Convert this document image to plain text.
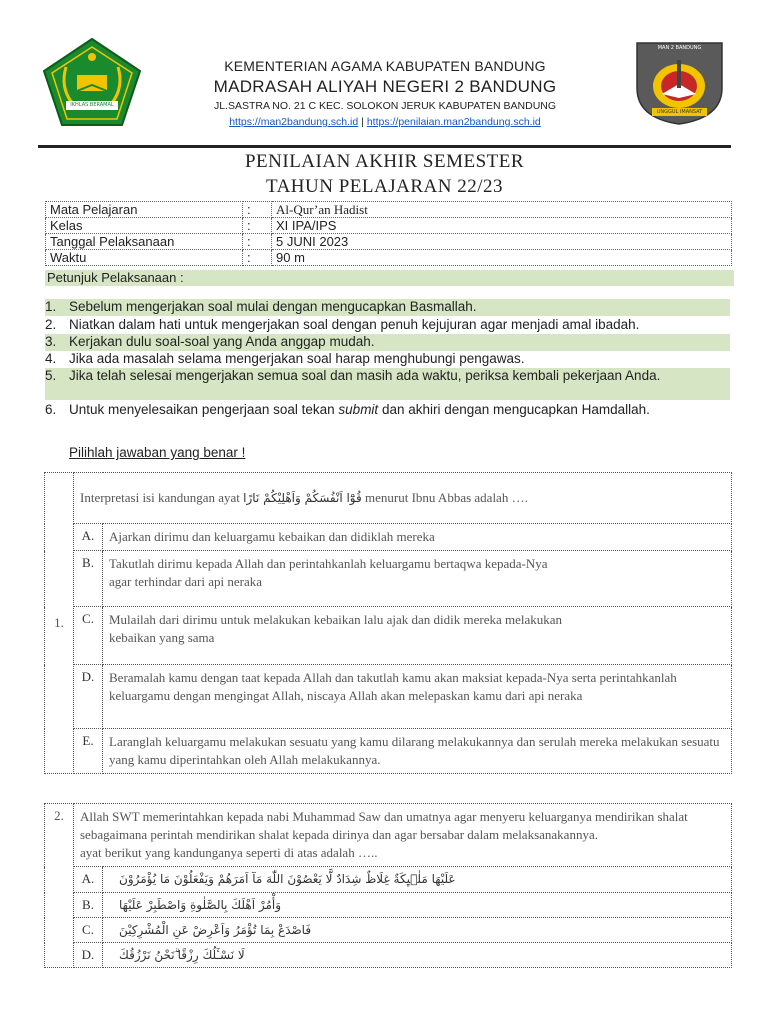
IKHLAS BERAMAL
MAN 2 BANDUNG
UNGGUL IMANSAT
KEMENTERIAN AGAMA KABUPATEN BANDUNG
MADRASAH ALIYAH NEGERI 2 BANDUNG
JL.SASTRA NO. 21 C KEC. SOLOKON JERUK KABUPATEN BANDUNG
https://man2bandung.sch.id | https://penilaian.man2bandung.sch.id
PENILAIAN AKHIR SEMESTER
TAHUN PELAJARAN 22/23
Mata Pelajaran	:	Al-Qur’an Hadist
Kelas	:	XI IPA/IPS
Tanggal Pelaksanaan	:	5 JUNI 2023
Waktu	:	90 m
Petunjuk Pelaksanaan :
1. Sebelum mengerjakan soal mulai dengan mengucapkan Basmallah.
2. Niatkan dalam hati untuk mengerjakan soal dengan penuh kejujuran agar menjadi amal ibadah.
3. Kerjakan dulu soal-soal yang Anda anggap mudah.
4. Jika ada masalah selama mengerjakan soal harap menghubungi pengawas.
5. Jika telah selesai mengerjakan semua soal dan masih ada waktu, periksa kembali pekerjaan Anda.
6. Untuk menyelesaikan pengerjaan soal tekan submit dan akhiri dengan mengucapkan Hamdallah.
Pilihlah jawaban yang benar !
1.	Interpretasi isi kandungan ayat قُوْٓا اَنْفُسَكُمْ وَاَهْلِيْكُمْ نَارًا menurut Ibnu Abbas adalah ….	
	A.	Ajarkan dirimu dan keluargamu kebaikan dan didiklah mereka
	B.	Takutlah dirimu kepada Allah dan perintahkanlah keluargamu bertaqwa kepada-Nya agar terhindar dari api neraka
	C.	Mulailah dari dirimu untuk melakukan kebaikan lalu ajak dan didik mereka melakukan kebaikan yang sama
	D.	Beramalah kamu dengan taat kepada Allah dan takutlah kamu akan maksiat kepada-Nya serta perintahkanlah keluargamu dengan mengingat Allah, niscaya Allah akan melepaskan kamu dari api neraka
	E.	Laranglah keluargamu melakukan sesuatu yang kamu dilarang melakukannya dan serulah mereka melakukan sesuatu yang kamu diperintahkan oleh Allah melakukannya.
2.	Allah SWT memerintahkan kepada nabi Muhammad Saw dan umatnya agar menyeru keluarganya mendirikan shalat sebagaimana perintah mendirikan shalat kepada dirinya dan agar bersabar dalam melaksanakannya.
ayat berikut yang kandunganya seperti di atas adalah …..	

	A.	عَلَيْهَا مَلٰۤىِٕكَةٌ غِلَاظٌ شِدَادٌ لَّا يَعْصُوْنَ اللّٰهَ مَآ اَمَرَهُمْ وَيَفْعَلُوْنَ مَا يُؤْمَرُوْنَ
	B.	وَأْمُرْ اَهْلَكَ بِالصَّلٰوةِ وَاصْطَبِرْ عَلَيْهَا
	C.	فَاصْدَعْ بِمَا تُؤْمَرُ وَاَعْرِضْ عَنِ الْمُشْرِكِيْنَ
	D.	لَا نَسْـَٔلُكَ رِزْقًا ۗنَحْنُ نَرْزُقُكَ
